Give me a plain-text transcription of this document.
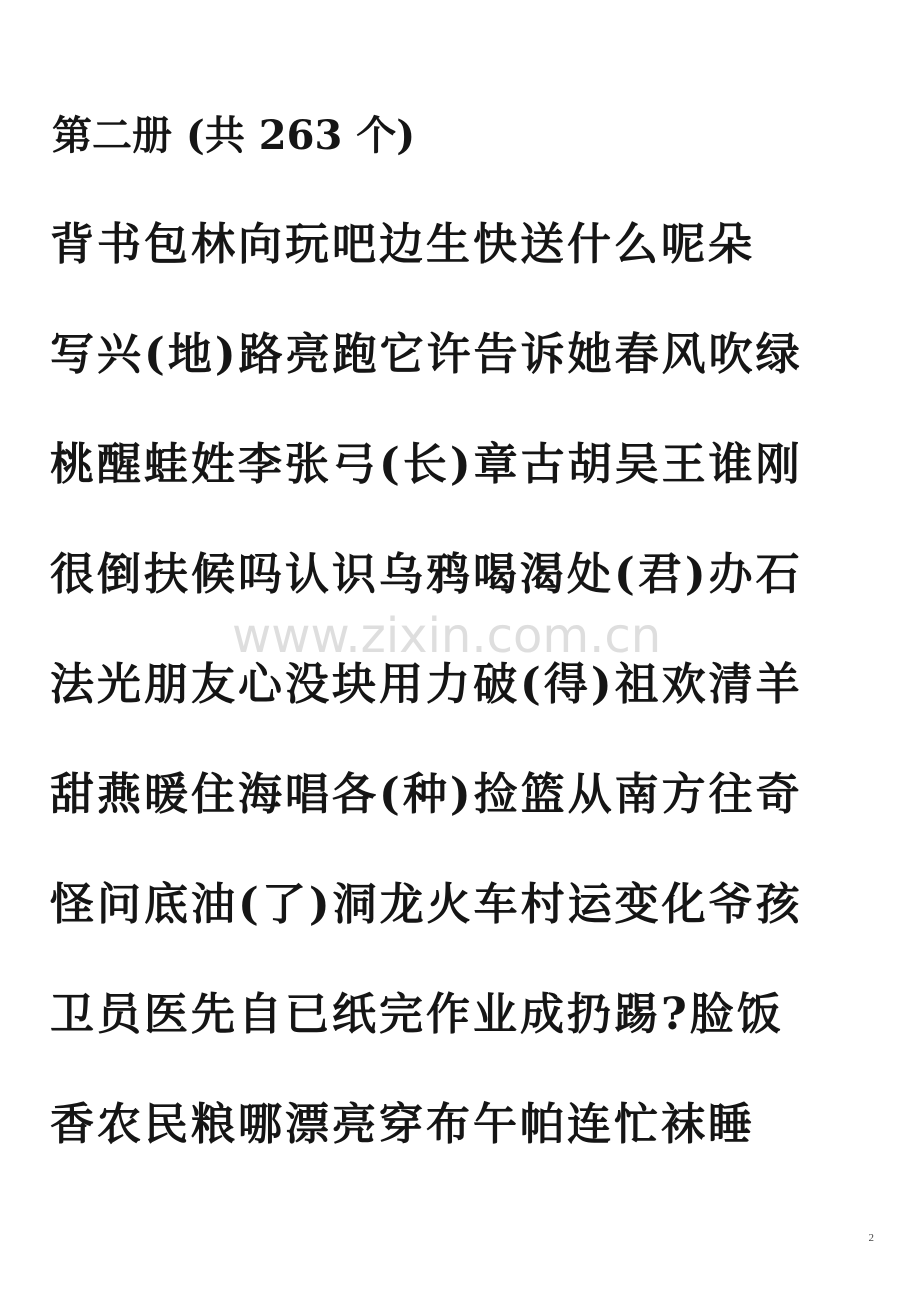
第二册 (共 263 个)
背书包林向玩吧边生快送什么呢朵
写兴(地)路亮跑它许告诉她春风吹绿
桃醒蛙姓李张弓(长)章古胡吴王谁刚
很倒扶候吗认识乌鸦喝渴处(君)办石
法光朋友心没块用力破(得)祖欢清羊
甜燕暖住海唱各(种)捡篮从南方往奇
怪问底油(了)洞龙火车村运变化爷孩
卫员医先自已纸完作业成扔踢?脸饭
香农民粮哪漂亮穿布午帕连忙袜睡
www.zixin.com.cn
2
